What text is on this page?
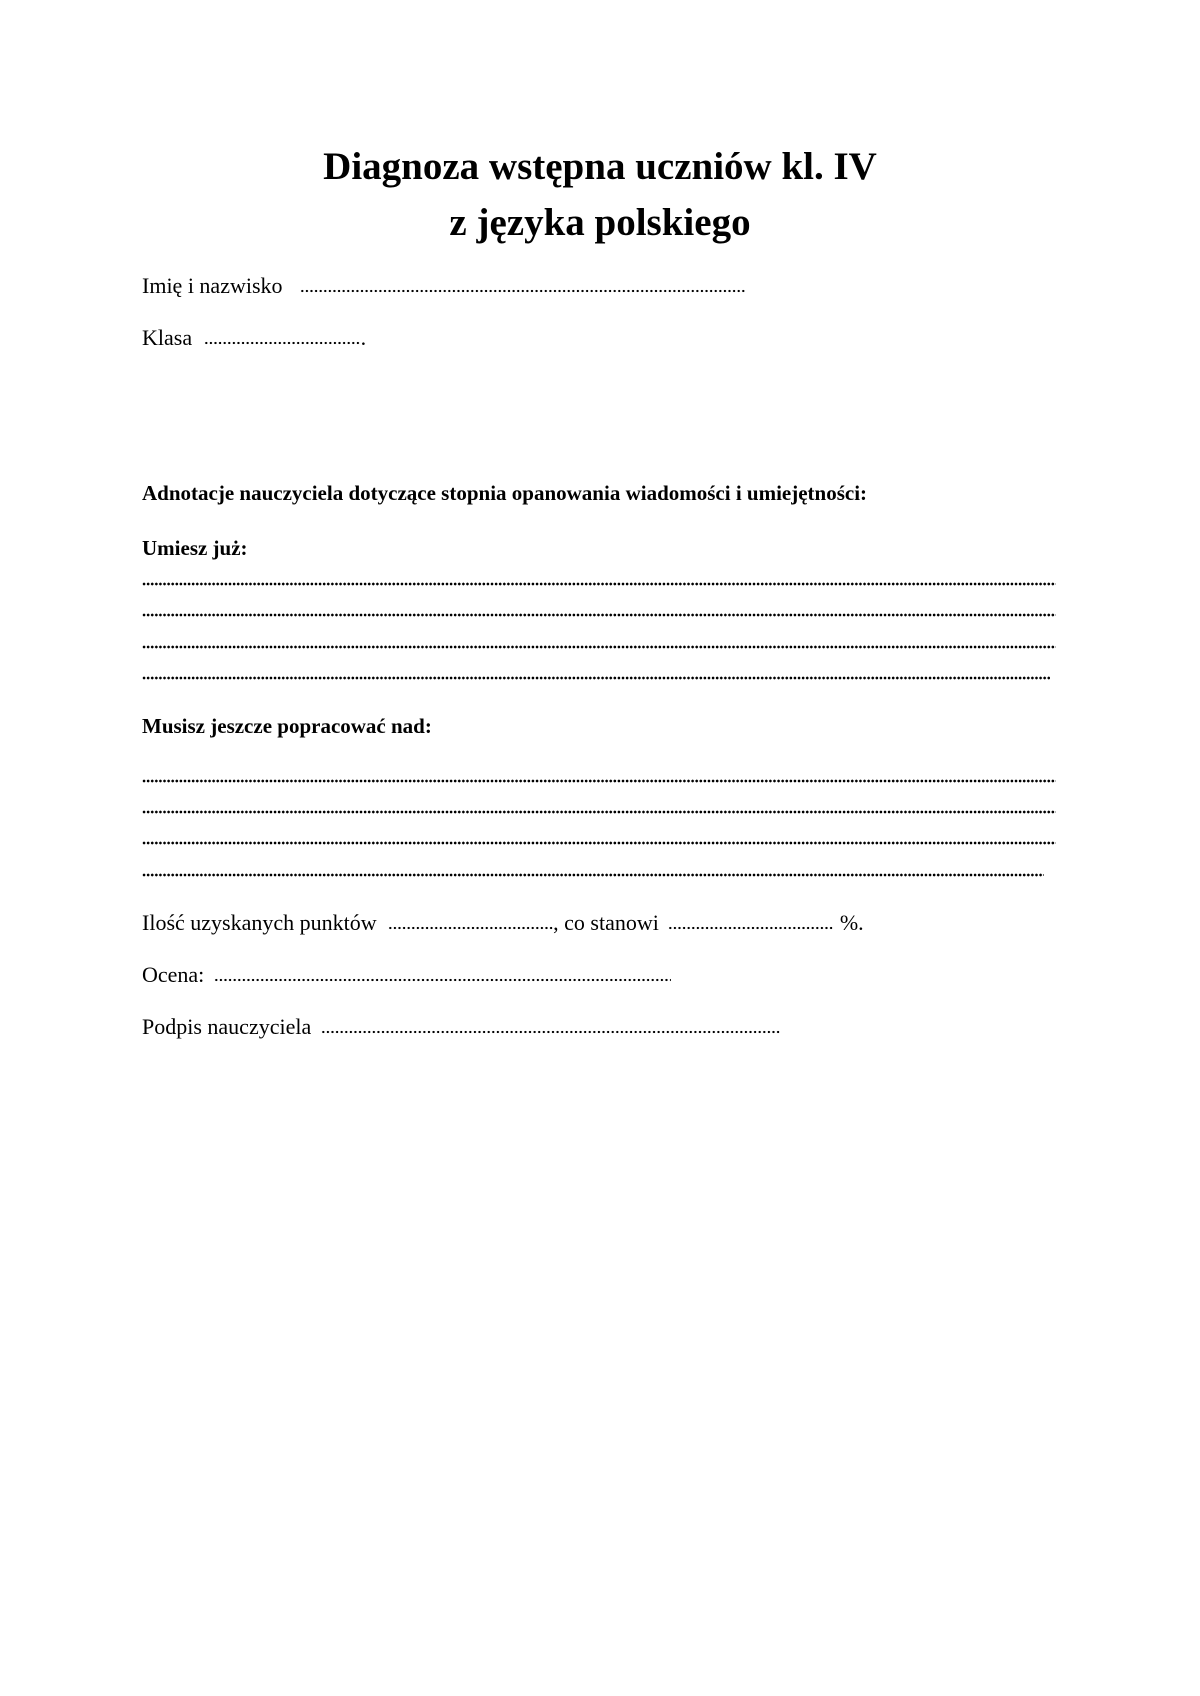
Diagnoza wstępna uczniów kl. IV
z języka polskiego
Imię i nazwisko
Klasa	.
Adnotacje nauczyciela dotyczące stopnia opanowania wiadomości i umiejętności:
Umiesz już:
Musisz jeszcze popracować nad:
Ilość uzyskanych punktów	, co stanowi	%.
Ocena:
Podpis nauczyciela
